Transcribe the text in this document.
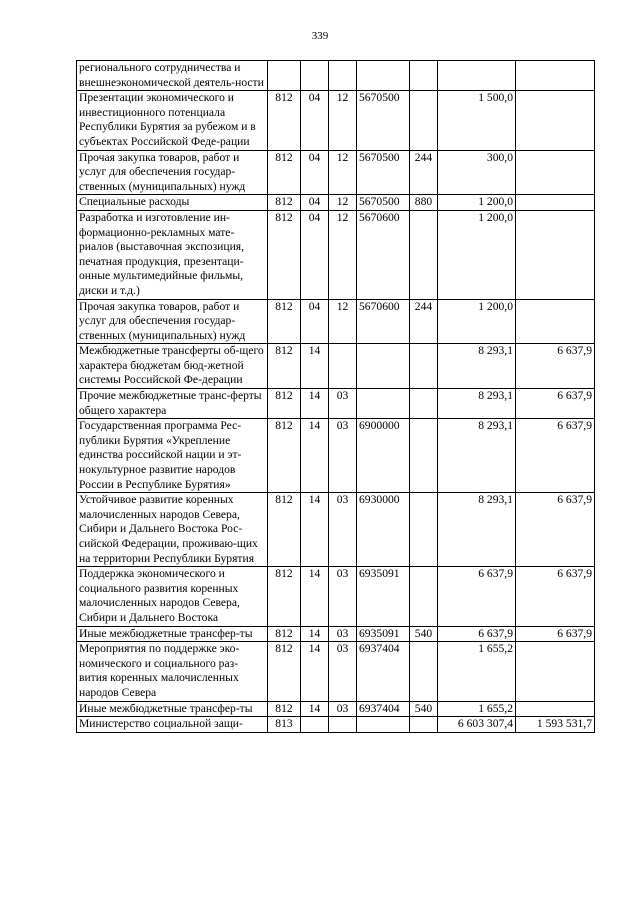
339
регионального сотрудничества и внешнеэкономической деятель-ности							
Презентации экономического и инвестиционного потенциала Республики Бурятия за рубежом и в субъектах Российской Феде-рации	812	04	12	5670500		1 500,0	
Прочая закупка товаров, работ и услуг для обеспечения государ-ственных (муниципальных) нужд	812	04	12	5670500	244	300,0	
Специальные расходы	812	04	12	5670500	880	1 200,0	
Разработка и изготовление ин-формационно-рекламных мате-риалов (выставочная экспозиция, печатная продукция, презентаци-онные мультимедийные фильмы, диски и т.д.)	812	04	12	5670600		1 200,0	
Прочая закупка товаров, работ и услуг для обеспечения государ-ственных (муниципальных) нужд	812	04	12	5670600	244	1 200,0	
Межбюджетные трансферты об-щего характера бюджетам бюд-жетной системы Российской Фе-дерации	812	14				8 293,1	6 637,9
Прочие межбюджетные транс-ферты общего характера	812	14	03			8 293,1	6 637,9
Государственная программа Рес-публики Бурятия «Укрепление единства российской нации и эт-нокультурное развитие народов России в Республике Бурятия»	812	14	03	6900000		8 293,1	6 637,9
Устойчивое развитие коренных малочисленных народов Севера, Сибири и Дальнего Востока Рос-сийской Федерации, проживаю-щих на территории Республики Бурятия	812	14	03	6930000		8 293,1	6 637,9
Поддержка экономического и социального развития коренных малочисленных народов Севера, Сибири и Дальнего Востока	812	14	03	6935091		6 637,9	6 637,9
Иные межбюджетные трансфер-ты	812	14	03	6935091	540	6 637,9	6 637,9
Мероприятия по поддержке эко-номического и социального раз-вития коренных малочисленных народов Севера	812	14	03	6937404		1 655,2	
Иные межбюджетные трансфер-ты	812	14	03	6937404	540	1 655,2	
Министерство социальной защи-	813					6 603 307,4	1 593 531,7
